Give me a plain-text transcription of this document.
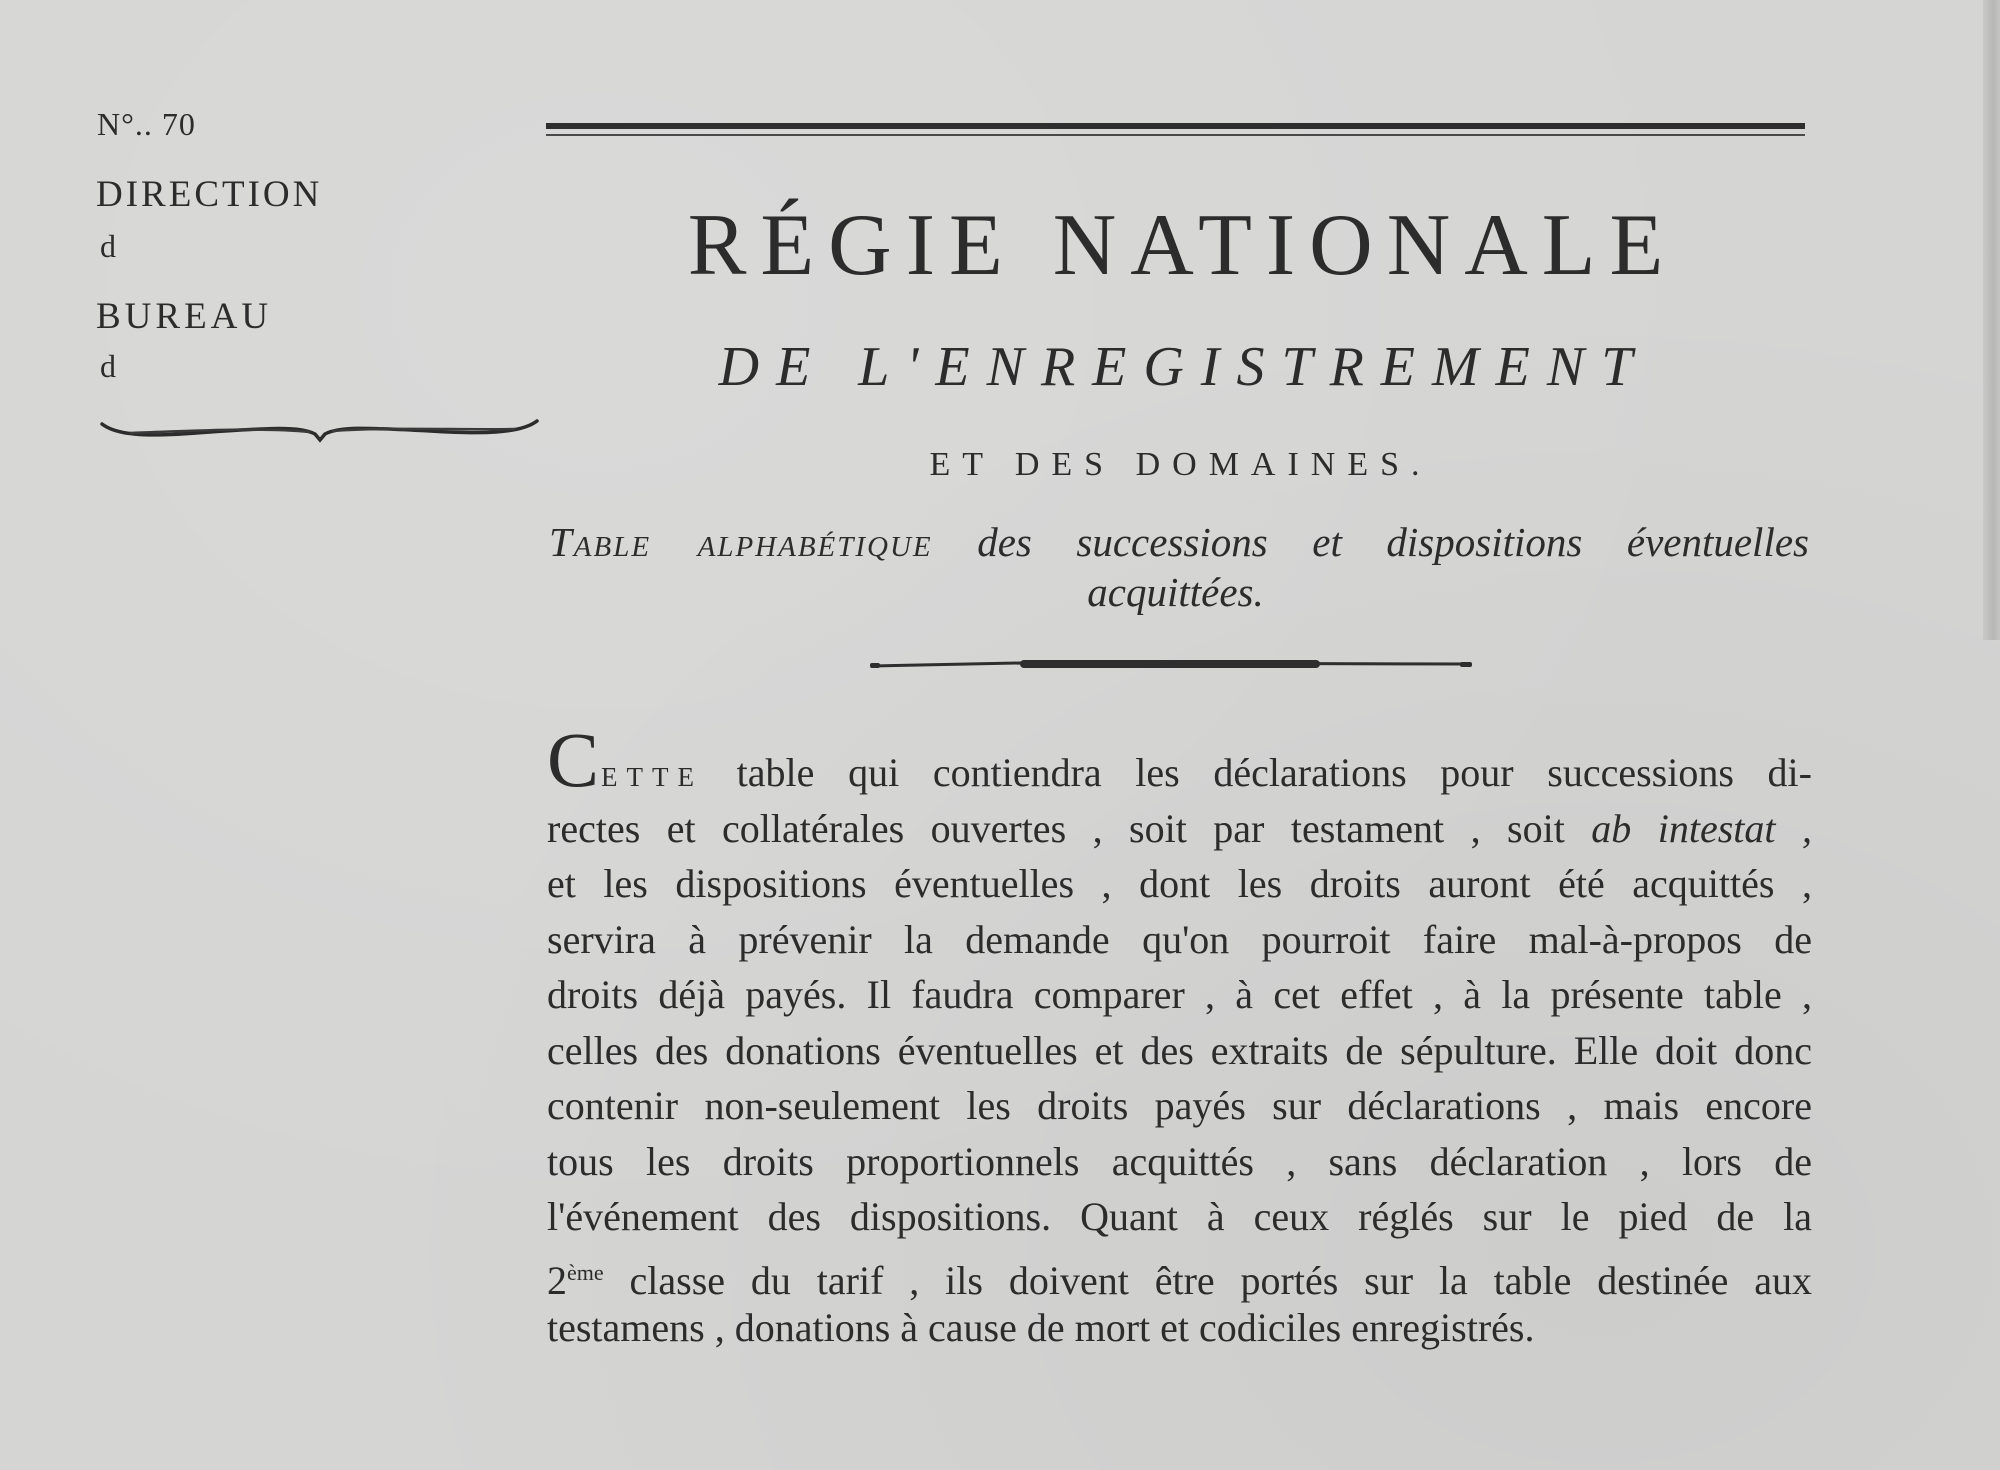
N°.. 70
DIRECTION
d
BUREAU
d
RÉGIE NATIONALE
DE L'ENREGISTREMENT
ET DES DOMAINES.
Table alphabétique des successions et dispositions éventuelles
acquittées.
CETTE table qui contiendra les déclarations pour successions di-
rectes et collatérales ouvertes , soit par testament , soit ab intestat ,
et les dispositions éventuelles , dont les droits auront été acquittés ,
servira à prévenir la demande qu'on pourroit faire mal-à-propos de
droits déjà payés. Il faudra comparer , à cet effet , à la présente table ,
celles des donations éventuelles et des extraits de sépulture. Elle doit donc
contenir non-seulement les droits payés sur déclarations , mais encore
tous les droits proportionnels acquittés , sans déclaration , lors de
l'événement des dispositions. Quant à ceux réglés sur le pied de la
2ème classe du tarif , ils doivent être portés sur la table destinée aux
testamens , donations à cause de mort et codiciles enregistrés.
